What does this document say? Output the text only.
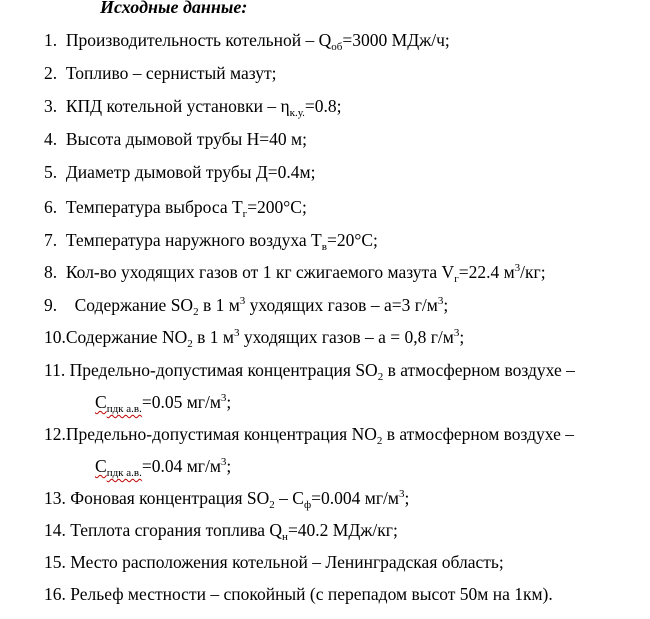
Исходные данные:
1. Производительность котельной – $Q_{об}=3000$ МДж/ч;
2. Топливо – сернистый мазут;
3. КПД котельной установки – $\eta_{к.у.}=0.8$;
4. Высота дымовой трубы Н=40 м;
5. Диаметр дымовой трубы Д=0.4м;
6. Температура выброса $T_г=200^\circ С$;
7. Температура наружного воздуха $T_в=20^\circ С$;
8. Кол-во уходящих газов от 1 кг сжигаемого мазута $V_г=22.4$ $м^3/кг$;
9. Содержание $SO_2$ в 1 $м^3$ уходящих газов – a=3 $г/м^3$;
10.Содержание $NO_2$ в 1 $м^3$ уходящих газов – a = 0,8 $г/м^3$;
11. Предельно-допустимая концентрация $SO_2$ в атмосферном воздухе –
$C_{пдк а.в.}=0.05$ $мг/м^3$;
12.Предельно-допустимая концентрация $NO_2$ в атмосферном воздухе –
$C_{пдк а.в.}=0.04$ $мг/м^3$;
13. Фоновая концентрация $SO_2 - C_ф=0.004$ $мг/м^3$;
14. Теплота сгорания топлива $Q_н=40.2$ МДж/кг;
15. Место расположения котельной – Ленинградская область;
16. Рельеф местности – спокойный (с перепадом высот 50м на 1км).
